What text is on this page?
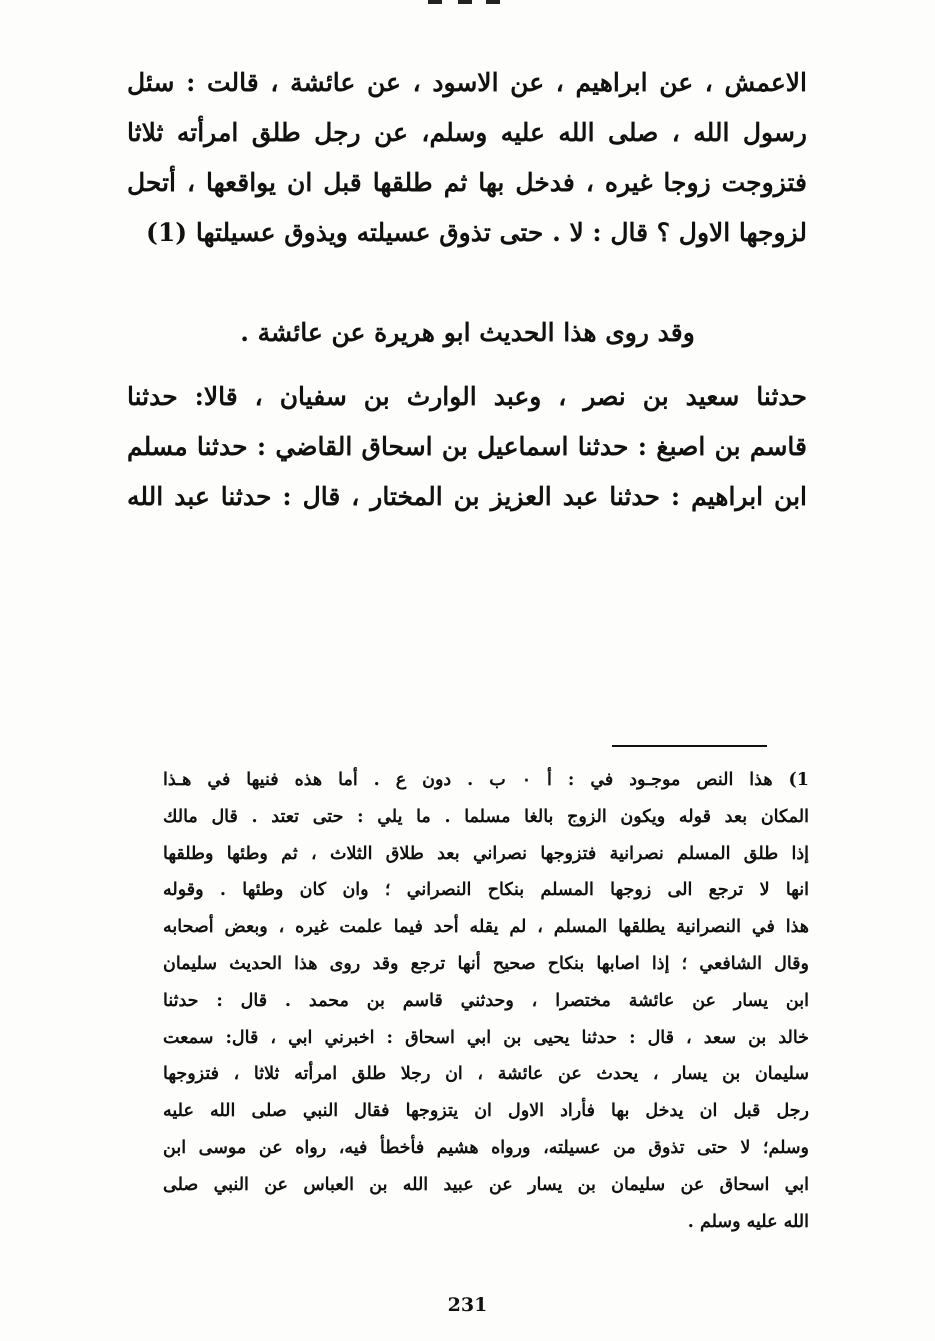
الاعمش ، عن ابراهيم ، عن الاسود ، عن عائشة ، قالت : سئل
رسول الله ، صلى الله عليه وسلم، عن رجل طلق امرأته ثلاثا
فتزوجت زوجا غيره ، فدخل بها ثم طلقها قبل ان يواقعها ، أتحل
لزوجها الاول ؟ قال : لا . حتى تذوق عسيلته ويذوق عسيلتها (1)
وقد روى هذا الحديث ابو هريرة عن عائشة .
حدثنا سعيد بن نصر ، وعبد الوارث بن سفيان ، قالا: حدثنا
قاسم بن اصبغ : حدثنا اسماعيل بن اسحاق القاضي : حدثنا مسلم
ابن ابراهيم : حدثنا عبد العزيز بن المختار ، قال : حدثنا عبد الله
1) هذا النص موجـود في : أ ٠ ب . دون ع . أما هذه فنيها في هـذا
المكان بعد قوله ويكون الزوج بالغا مسلما . ما يلي : حتى تعتد . قال مالك
إذا طلق المسلم نصرانية فتزوجها نصراني بعد طلاق الثلاث ، ثم وطئها وطلقها
انها لا ترجع الى زوجها المسلم بنكاح النصراني ؛ وان كان وطئها . وقوله
هذا في النصرانية يطلقها المسلم ، لم يقله أحد فيما علمت غيره ، وبعض أصحابه
وقال الشافعي ؛ إذا اصابها بنكاح صحيح أنها ترجع وقد روى هذا الحديث سليمان
ابن يسار عن عائشة مختصرا ، وحدثني قاسم بن محمد . قال : حدثنا
خالد بن سعد ، قال : حدثنا يحيى بن ابي اسحاق : اخبرني ابي ، قال: سمعت
سليمان بن يسار ، يحدث عن عائشة ، ان رجلا طلق امرأته ثلاثا ، فتزوجها
رجل قبل ان يدخل بها فأراد الاول ان يتزوجها فقال النبي صلى الله عليه
وسلم؛ لا حتى تذوق من عسيلته، ورواه هشيم فأخطأ فيه، رواه عن موسى ابن
ابي اسحاق عن سليمان بن يسار عن عبيد الله بن العباس عن النبي صلى
الله عليه وسلم .
231
